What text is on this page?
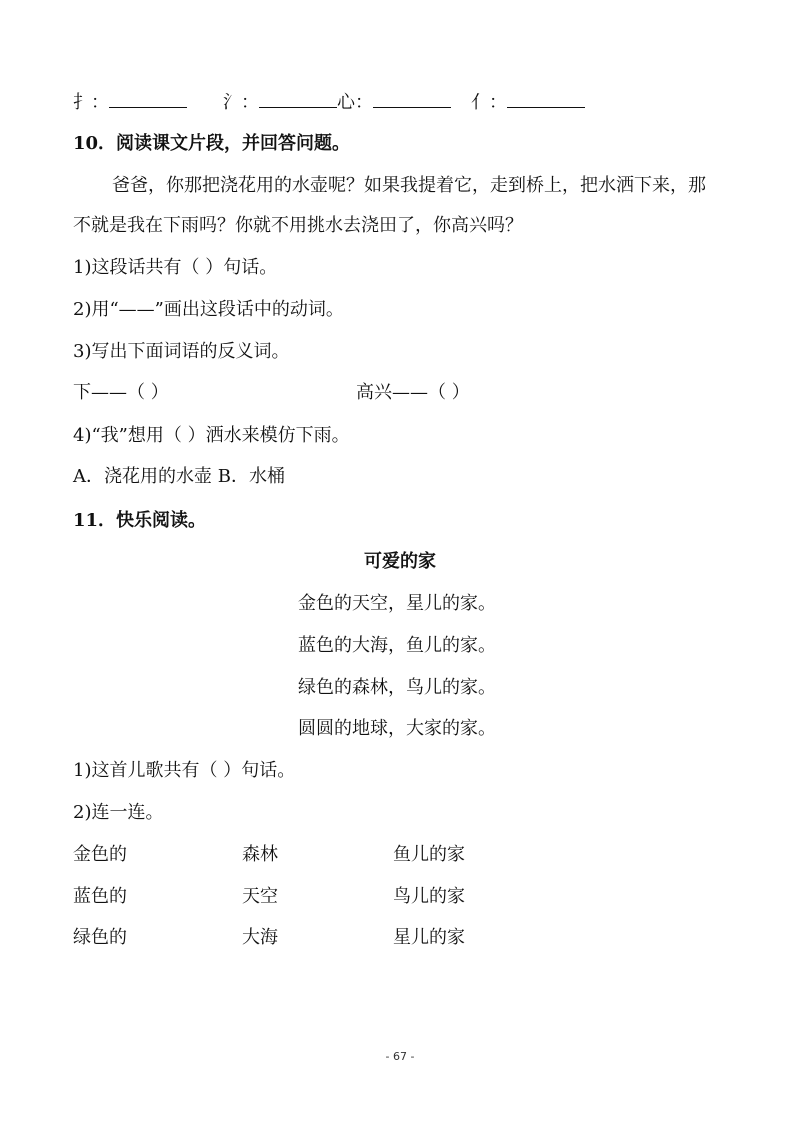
扌：	氵：	心：	亻：
10．阅读课文片段，并回答问题。
爸爸，你那把浇花用的水壶呢？如果我提着它，走到桥上，把水洒下来，那
不就是我在下雨吗？你就不用挑水去浇田了，你高兴吗？
1)这段话共有（ ）句话。
2)用“——”画出这段话中的动词。
3)写出下面词语的反义词。
下——（ ）	高兴——（ ）
4)“我”想用（ ）洒水来模仿下雨。
A．浇花用的水壶 B．水桶
11．快乐阅读。
可爱的家
金色的天空，星儿的家。
蓝色的大海，鱼儿的家。
绿色的森林，鸟儿的家。
圆圆的地球，大家的家。
1)这首儿歌共有（ ）句话。
2)连一连。
金色的	森林	鱼儿的家
蓝色的	天空	鸟儿的家
绿色的	大海	星儿的家
- 67 -
